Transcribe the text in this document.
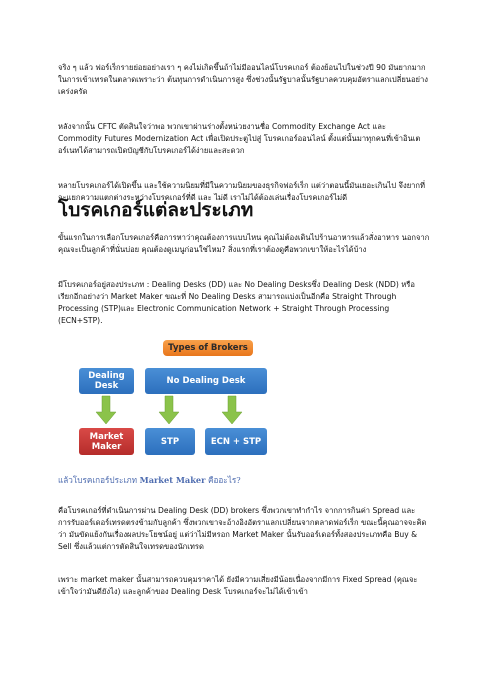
จริง ๆ แล้ว ฟอร์เร็กรายย่อยอย่างเรา ๆ คงไม่เกิดขึ้นถ้าไม่มีออนไลน์โบรคเกอร์ ต้องย้อนไปในช่วงปี 90 มันยากมากในการเข้าเทรดในตลาดเพราะว่า ต้นทุนการดำเนินการสูง ซึ่งช่วงนั้นรัฐบาลนั้นรัฐบาลควบคุมอัตราแลกเปลี่ยนอย่างเคร่งครัด

หลังจากนั้น CFTC ตัดสินใจว่าพอ พวกเขาผ่านร่างตั้งหน่วยงานชื่อ Commodity Exchange Act และ Commodity Futures Modernization Act เพื่อเปิดประตูไปสู่ โบรคเกอร์ออนไลน์ ตั้งแต่นั้นมาทุกคนที่เข้าอินเตอร์เนทได้สามารถเปิดบัญชีกับโบรคเกอร์ได้ง่ายและสะดวก

หลายโบรคเกอร์ได้เปิดขึ้น และใช้ความนิยมที่มีในความนิยมของธุรกิจฟอร์เร็ก แต่ว่าตอนนี้มันเยอะเกินไป จึงยากที่จะแยกความแตกต่างระหว่างโบรคเกอร์ที่ดี และ ไม่ดี เราไม่ได้ต้องเล่นเรื่องโบรคเกอร์ไม่ดี

โบรคเกอร์แต่ละประเภท

ขั้นแรกในการเลือกโบรคเกอร์คือการหาว่าคุณต้องการแบบไหน คุณไม่ต้องเดินไปร้านอาหารแล้วสั่งอาหาร นอกจากคุณจะเป็นลูกค้าที่นั่นบ่อย คุณต้องดูเมนูก่อนใช่ไหม? สิ่งแรกที่เราต้องดูคือพวกเขาให้อะไรได้บ้าง

มีโบรคเกอร์อยู่สองประเภท : Dealing Desks (DD) และ No Dealing Desksซึ่ง Dealing Desk (NDD) หรือเรียกอีกอย่างว่า Market Maker ขณะที่ No Dealing Desks สามารถแบ่งเป็นอีกคือ Straight Through Processing (STP)และ Electronic Communication Network + Straight Through Processing (ECN+STP).

Types of Brokers
Dealing Desk	No Dealing Desk
Market Maker	STP	ECN + STP

แล้วโบรคเกอร์ประเภท Market Maker คืออะไร?

คือโบรคเกอร์ที่ดำเนินการผ่าน Dealing Desk (DD) brokers ซึ่งพวกเขาทำกำไร จากการกินค่า Spread และ การรับออร์เดอร์เทรดตรงข้ามกับลูกค้า ซึ่งพวกเขาจะอ้างอิงอัตราแลกเปลี่ยนจากตลาดฟอร์เร็ก ขณะนี้คุณอาจจะคิดว่า มันขัดแย้งกันเรื่องผลประโยชน์อยู่ แต่ว่าไม่มีหรอก Market Maker นั้นรับออร์เดอร์ทั้งสองประเภทคือ Buy & Sell ซึ่งแล้วแต่การตัดสินใจเทรดของนักเทรด

เพราะ market maker นั้นสามารถควบคุมราคาได้ ยังมีความเสี่ยงมีน้อยเนื่องจากมีการ Fixed Spread (คุณจะเข้าใจว่ามันดียังไง) และลูกค้าของ Dealing Desk โบรคเกอร์จะไม่ได้เข้าเข้า
